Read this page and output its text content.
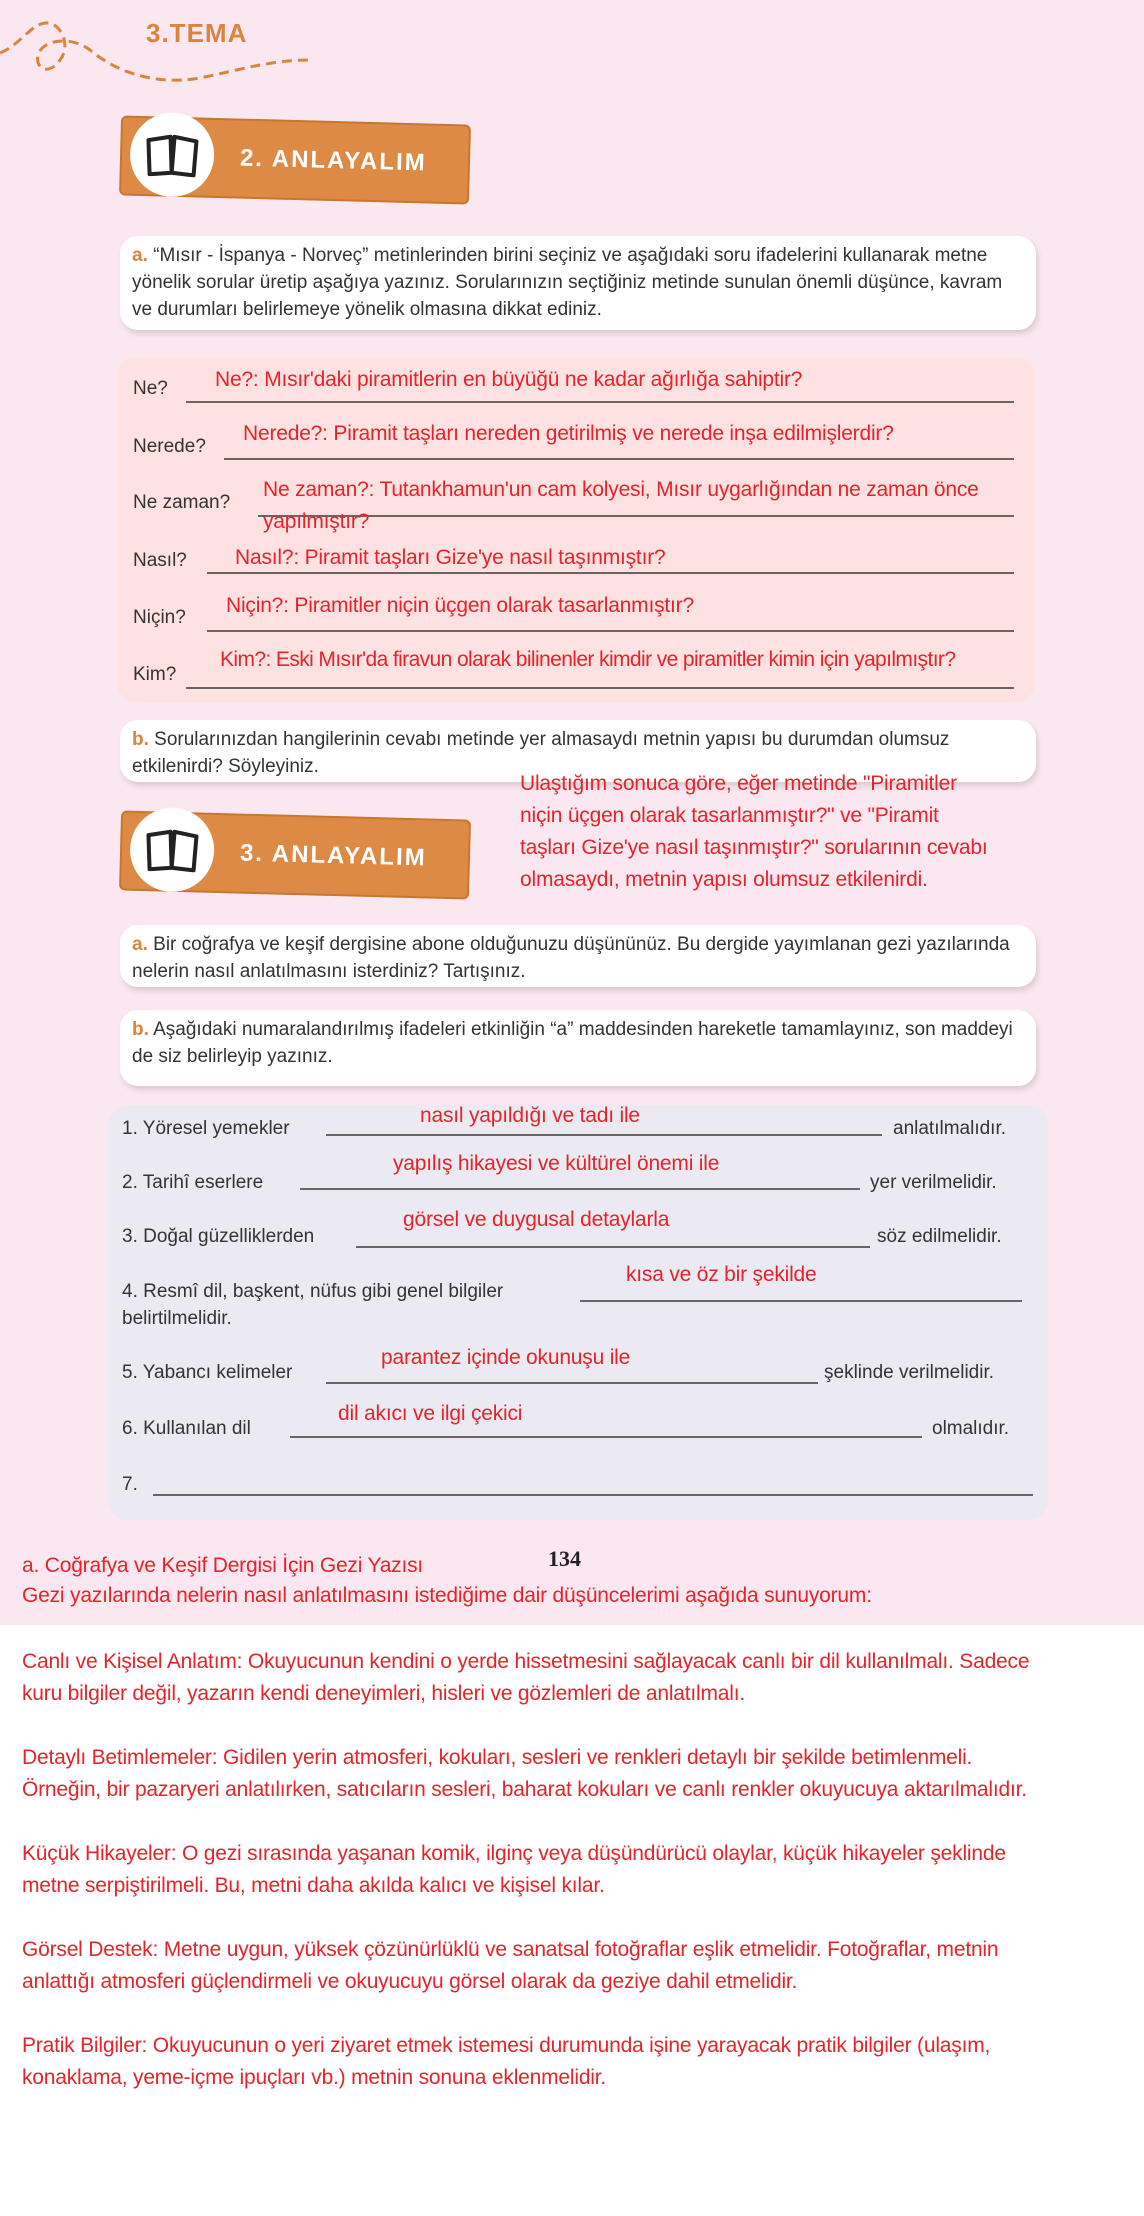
3.TEMA
2. ANLAYALIM
a. “Mısır - İspanya - Norveç” metinlerinden birini seçiniz ve aşağıdaki soru ifadelerini kullanarak metne yönelik sorular üretip aşağıya yazınız. Sorularınızın seçtiğiniz metinde sunulan önemli düşünce, kavram ve durumları belirlemeye yönelik olmasına dikkat ediniz.
Ne? Ne?: Mısır'daki piramitlerin en büyüğü ne kadar ağırlığa sahiptir?
Nerede?
Nerede?: Piramit taşları nereden getirilmiş ve nerede inşa edilmişlerdir?
Ne zaman?
Ne zaman?: Tutankhamun'un cam kolyesi, Mısır uygarlığından ne zaman önce
yapılmıştır?
Nasıl? Nasıl?: Piramit taşları Gize'ye nasıl taşınmıştır?
Niçin?
Niçin?: Piramitler niçin üçgen olarak tasarlanmıştır?
Kim?
Kim?: Eski Mısır'da firavun olarak bilinenler kimdir ve piramitler kimin için yapılmıştır?
b. Sorularınızdan hangilerinin cevabı metinde yer almasaydı metnin yapısı bu durumdan olumsuz etkilenirdi? Söyleyiniz.
Ulaştığım sonuca göre, eğer metinde "Piramitler
niçin üçgen olarak tasarlanmıştır?" ve "Piramit
taşları Gize'ye nasıl taşınmıştır?" sorularının cevabı
olmasaydı, metnin yapısı olumsuz etkilenirdi.
3. ANLAYALIM
a. Bir coğrafya ve keşif dergisine abone olduğunuzu düşününüz. Bu dergide yayımlanan gezi yazılarında nelerin nasıl anlatılmasını isterdiniz? Tartışınız.
b. Aşağıdaki numaralandırılmış ifadeleri etkinliğin “a” maddesinden hareketle tamamlayınız, son maddeyi de siz belirleyip yazınız.
1. Yöresel yemekler
nasıl yapıldığı ve tadı ile
anlatılmalıdır.
2. Tarihî eserlere
yapılış hikayesi ve kültürel önemi ile
yer verilmelidir.
3. Doğal güzelliklerden
görsel ve duygusal detaylarla
söz edilmelidir.
4. Resmî dil, başkent, nüfus gibi genel bilgiler
kısa ve öz bir şekilde
belirtilmelidir.
5. Yabancı kelimeler
parantez içinde okunuşu ile
şeklinde verilmelidir.
6. Kullanılan dil
dil akıcı ve ilgi çekici
olmalıdır.
7.
134
a. Coğrafya ve Keşif Dergisi İçin Gezi Yazısı
Gezi yazılarında nelerin nasıl anlatılmasını istediğime dair düşüncelerimi aşağıda sunuyorum:

Canlı ve Kişisel Anlatım: Okuyucunun kendini o yerde hissetmesini sağlayacak canlı bir dil kullanılmalı. Sadece kuru bilgiler değil, yazarın kendi deneyimleri, hisleri ve gözlemleri de anlatılmalı.

Detaylı Betimlemeler: Gidilen yerin atmosferi, kokuları, sesleri ve renkleri detaylı bir şekilde betimlenmeli. Örneğin, bir pazaryeri anlatılırken, satıcıların sesleri, baharat kokuları ve canlı renkler okuyucuya aktarılmalıdır.

Küçük Hikayeler: O gezi sırasında yaşanan komik, ilginç veya düşündürücü olaylar, küçük hikayeler şeklinde metne serpiştirilmeli. Bu, metni daha akılda kalıcı ve kişisel kılar.

Görsel Destek: Metne uygun, yüksek çözünürlüklü ve sanatsal fotoğraflar eşlik etmelidir. Fotoğraflar, metnin anlattığı atmosferi güçlendirmeli ve okuyucuyu görsel olarak da geziye dahil etmelidir.

Pratik Bilgiler: Okuyucunun o yeri ziyaret etmek istemesi durumunda işine yarayacak pratik bilgiler (ulaşım, konaklama, yeme-içme ipuçları vb.) metnin sonuna eklenmelidir.
